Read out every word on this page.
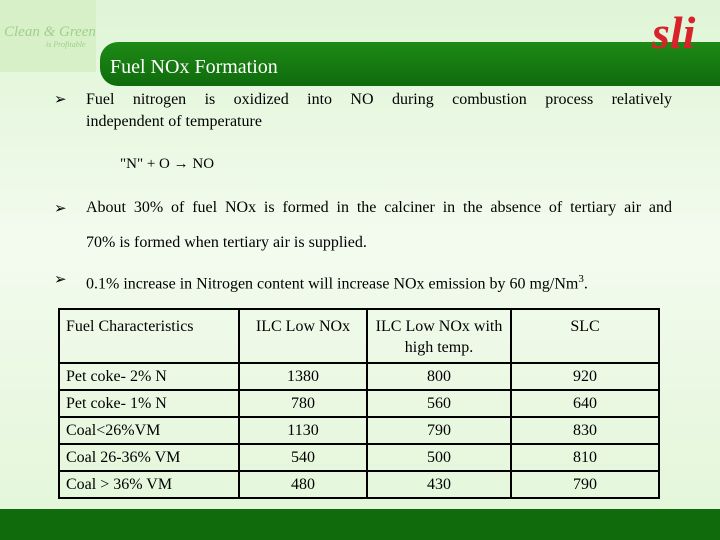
Clean & Green
is Profitable
Fuel NOx Formation
sli
➢ Fuel nitrogen is oxidized into NO during combustion process relatively
independent of temperature
"N" + O → NO
➢ About 30% of fuel NOx is formed in the calciner in the absence of tertiary air and
70% is formed when tertiary air is supplied.
➢ 0.1% increase in Nitrogen content will increase NOx emission by 60 mg/Nm$^3$.
Fuel Characteristics	ILC Low NOx	ILC Low NOx with high temp.	SLC
Pet coke- 2% N	1380	800	920
Pet coke- 1% N	780	560	640
Coal<26%VM	1130	790	830
Coal 26-36% VM	540	500	810
Coal > 36% VM	480	430	790
